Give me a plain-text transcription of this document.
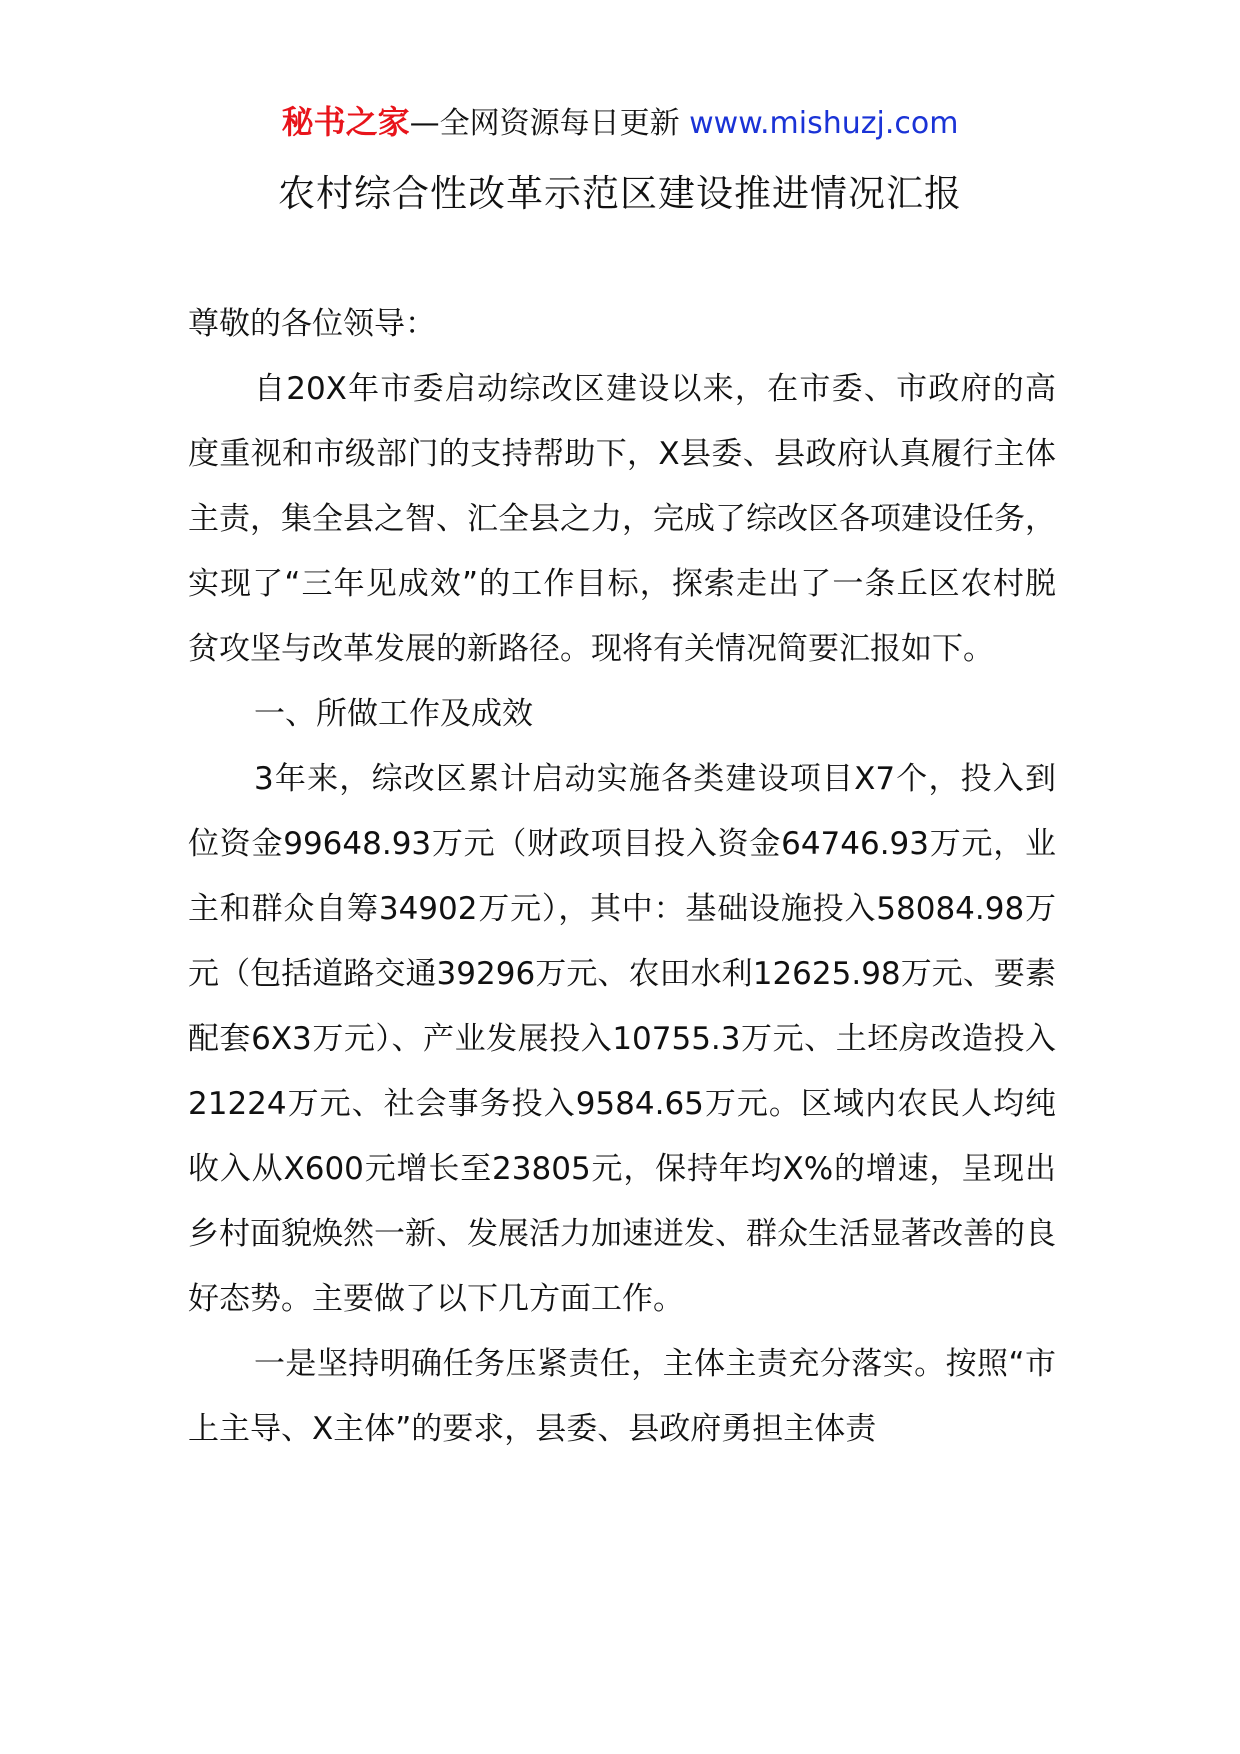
秘书之家—全网资源每日更新 www.mishuzj.com
农村综合性改革示范区建设推进情况汇报

尊敬的各位领导：

自20X年市委启动综改区建设以来，在市委、市政府的高度重视和市级部门的支持帮助下，X县委、县政府认真履行主体主责，集全县之智、汇全县之力，完成了综改区各项建设任务，实现了“三年见成效”的工作目标，探索走出了一条丘区农村脱贫攻坚与改革发展的新路径。现将有关情况简要汇报如下。

一、所做工作及成效

3年来，综改区累计启动实施各类建设项目X7个，投入到位资金99648.93万元（财政项目投入资金64746.93万元，业主和群众自筹34902万元），其中：基础设施投入58084.98万元（包括道路交通39296万元、农田水利12625.98万元、要素配套6X3万元）、产业发展投入10755.3万元、土坯房改造投入21224万元、社会事务投入9584.65万元。区域内农民人均纯收入从X600元增长至23805元，保持年均X%的增速，呈现出乡村面貌焕然一新、发展活力加速迸发、群众生活显著改善的良好态势。主要做了以下几方面工作。

一是坚持明确任务压紧责任，主体主责充分落实。按照“市上主导、X主体”的要求，县委、县政府勇担主体责
